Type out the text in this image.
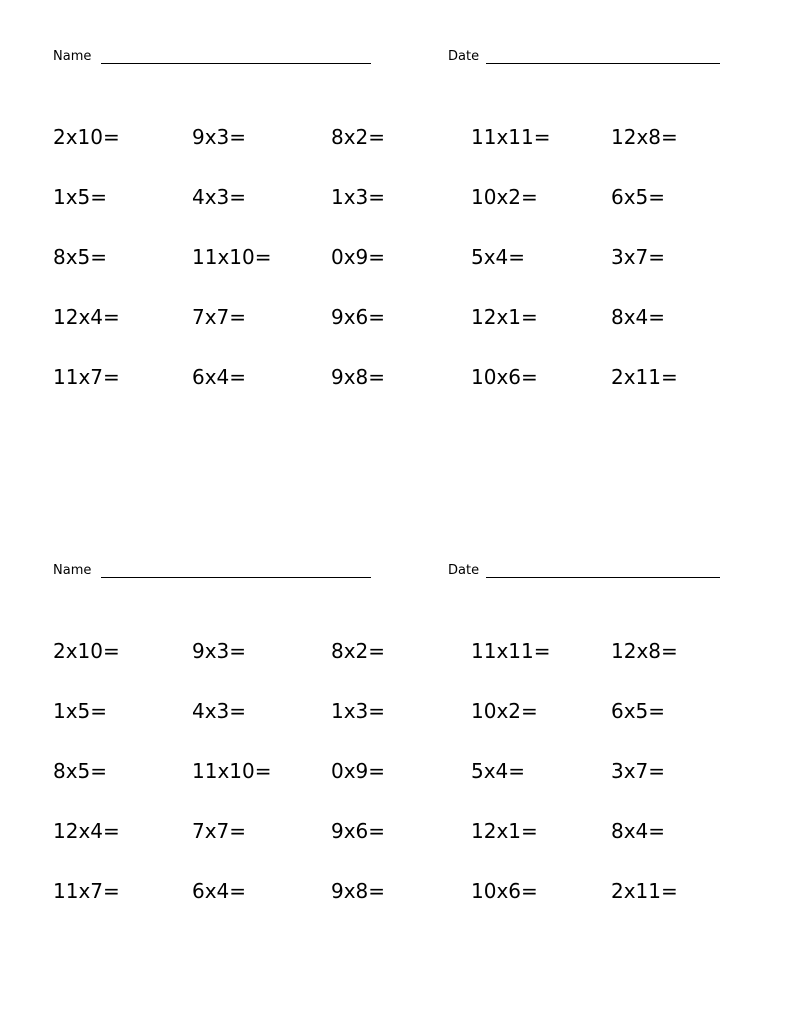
Name	Date
2x10=	9x3=	8x2=	11x11=	12x8=
1x5=	4x3=	1x3=	10x2=	6x5=
8x5=	11x10=	0x9=	5x4=	3x7=
12x4=	7x7=	9x6=	12x1=	8x4=
11x7=	6x4=	9x8=	10x6=	2x11=
Name	Date
2x10=	9x3=	8x2=	11x11=	12x8=
1x5=	4x3=	1x3=	10x2=	6x5=
8x5=	11x10=	0x9=	5x4=	3x7=
12x4=	7x7=	9x6=	12x1=	8x4=
11x7=	6x4=	9x8=	10x6=	2x11=
